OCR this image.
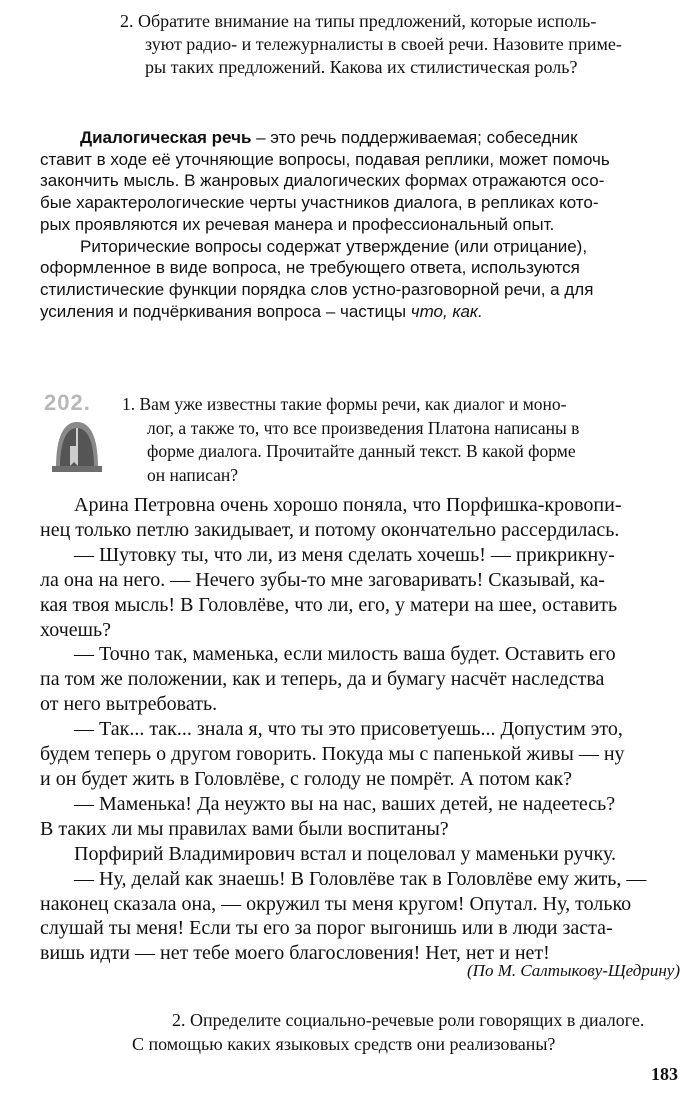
2. Обратите внимание на типы предложений, которые исполь-
зуют радио- и тележурналисты в своей речи. Назовите приме-
ры таких предложений. Какова их стилистическая роль?
Диалогическая речь – это речь поддерживаемая; собеседник
ставит в ходе её уточняющие вопросы, подавая реплики, может помочь
закончить мысль. В жанровых диалогических формах отражаются осо-
бые характерологические черты участников диалога, в репликах кото-
рых проявляются их речевая манера и профессиональный опыт.
Риторические вопросы содержат утверждение (или отрицание),
оформленное в виде вопроса, не требующего ответа, используются
стилистические функции порядка слов устно-разговорной речи, а для
усиления и подчёркивания вопроса – частицы что, как.
202. 1. Вам уже известны такие формы речи, как диалог и моно-
лог, а также то, что все произведения Платона написаны в
форме диалога. Прочитайте данный текст. В какой форме
он написан?
Арина Петровна очень хорошо поняла, что Порфишка-кровопи-
нец только петлю закидывает, и потому окончательно рассердилась.
— Шутовку ты, что ли, из меня сделать хочешь! — прикрикну-
ла она на него. — Нечего зубы-то мне заговаривать! Сказывай, ка-
кая твоя мысль! В Головлёве, что ли, его, у матери на шее, оставить
хочешь?
— Точно так, маменька, если милость ваша будет. Оставить его
па том же положении, как и теперь, да и бумагу насчёт наследства
от него вытребовать.
— Так... так... знала я, что ты это присоветуешь... Допустим это,
будем теперь о другом говорить. Покуда мы с папенькой живы — ну
и он будет жить в Головлёве, с голоду не помрёт. А потом как?
— Маменька! Да неужто вы на нас, ваших детей, не надеетесь?
В таких ли мы правилах вами были воспитаны?
Порфирий Владимирович встал и поцеловал у маменьки ручку.
— Ну, делай как знаешь! В Головлёве так в Головлёве ему жить, —
наконец сказала она, — окружил ты меня кругом! Опутал. Ну, только
слушай ты меня! Если ты его за порог выгонишь или в люди заста-
вишь идти — нет тебе моего благословения! Нет, нет и нет!
(По М. Салтыкову-Щедрину)
2. Определите социально-речевые роли говорящих в диалоге.
С помощью каких языковых средств они реализованы?
183
